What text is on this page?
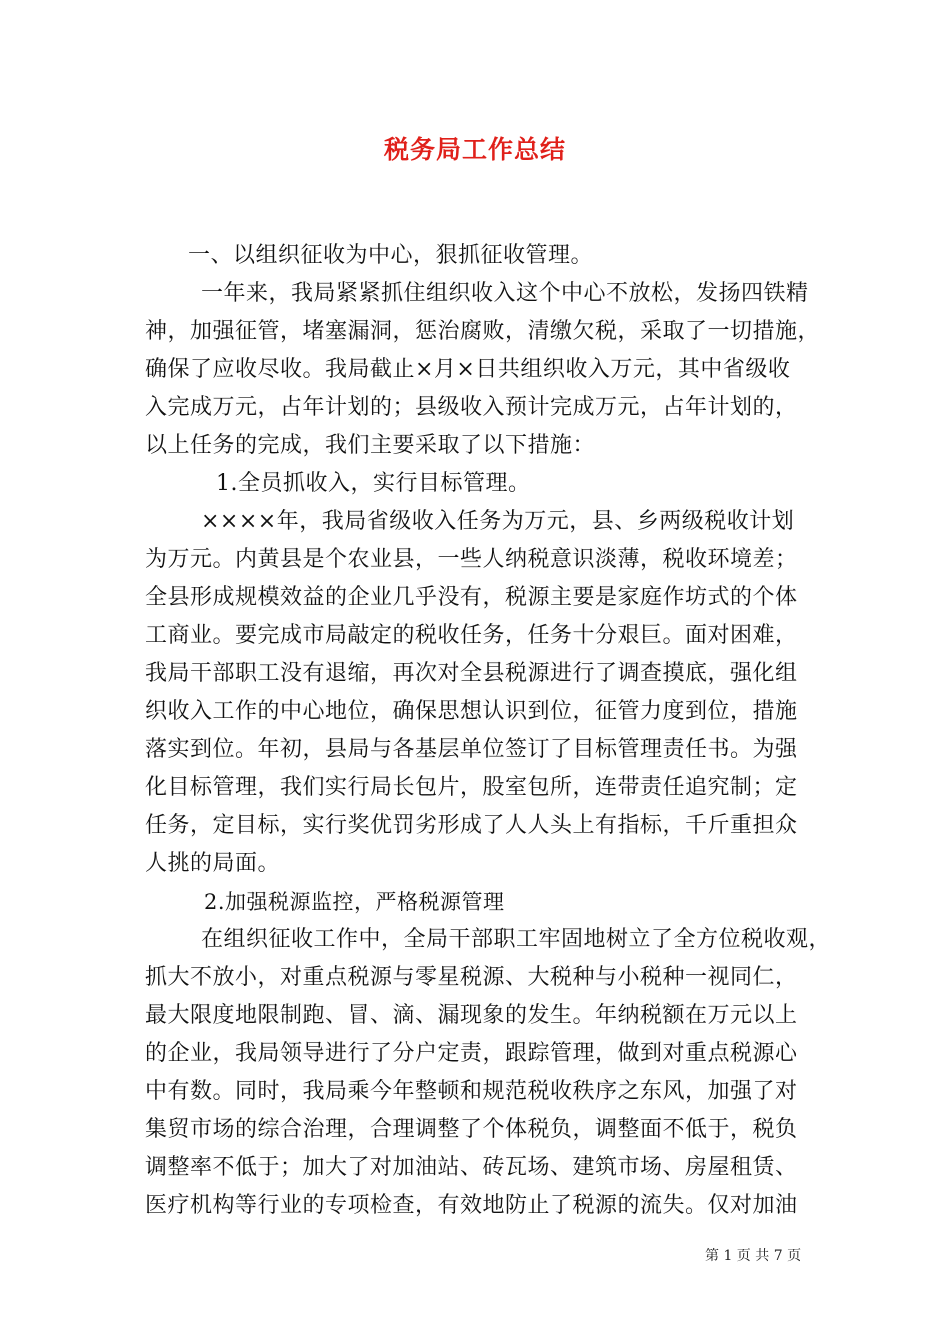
税务局工作总结
一、以组织征收为中心，狠抓征收管理。
一年来，我局紧紧抓住组织收入这个中心不放松，发扬四铁精
神，加强征管，堵塞漏洞，惩治腐败，清缴欠税，采取了一切措施，
确保了应收尽收。我局截止×月×日共组织收入万元，其中省级收
入完成万元，占年计划的；县级收入预计完成万元，占年计划的，
以上任务的完成，我们主要采取了以下措施：
1.全员抓收入，实行目标管理。
××××年，我局省级收入任务为万元，县、乡两级税收计划
为万元。内黄县是个农业县，一些人纳税意识淡薄，税收环境差；
全县形成规模效益的企业几乎没有，税源主要是家庭作坊式的个体
工商业。要完成市局敲定的税收任务，任务十分艰巨。面对困难，
我局干部职工没有退缩，再次对全县税源进行了调查摸底，强化组
织收入工作的中心地位，确保思想认识到位，征管力度到位，措施
落实到位。年初，县局与各基层单位签订了目标管理责任书。为强
化目标管理，我们实行局长包片，股室包所，连带责任追究制；定
任务，定目标，实行奖优罚劣形成了人人头上有指标，千斤重担众
人挑的局面。
2.加强税源监控，严格税源管理
在组织征收工作中，全局干部职工牢固地树立了全方位税收观，
抓大不放小，对重点税源与零星税源、大税种与小税种一视同仁，
最大限度地限制跑、冒、滴、漏现象的发生。年纳税额在万元以上
的企业，我局领导进行了分户定责，跟踪管理，做到对重点税源心
中有数。同时，我局乘今年整顿和规范税收秩序之东风，加强了对
集贸市场的综合治理，合理调整了个体税负，调整面不低于，税负
调整率不低于；加大了对加油站、砖瓦场、建筑市场、房屋租赁、
医疗机构等行业的专项检查，有效地防止了税源的流失。仅对加油
第 1 页 共 7 页
